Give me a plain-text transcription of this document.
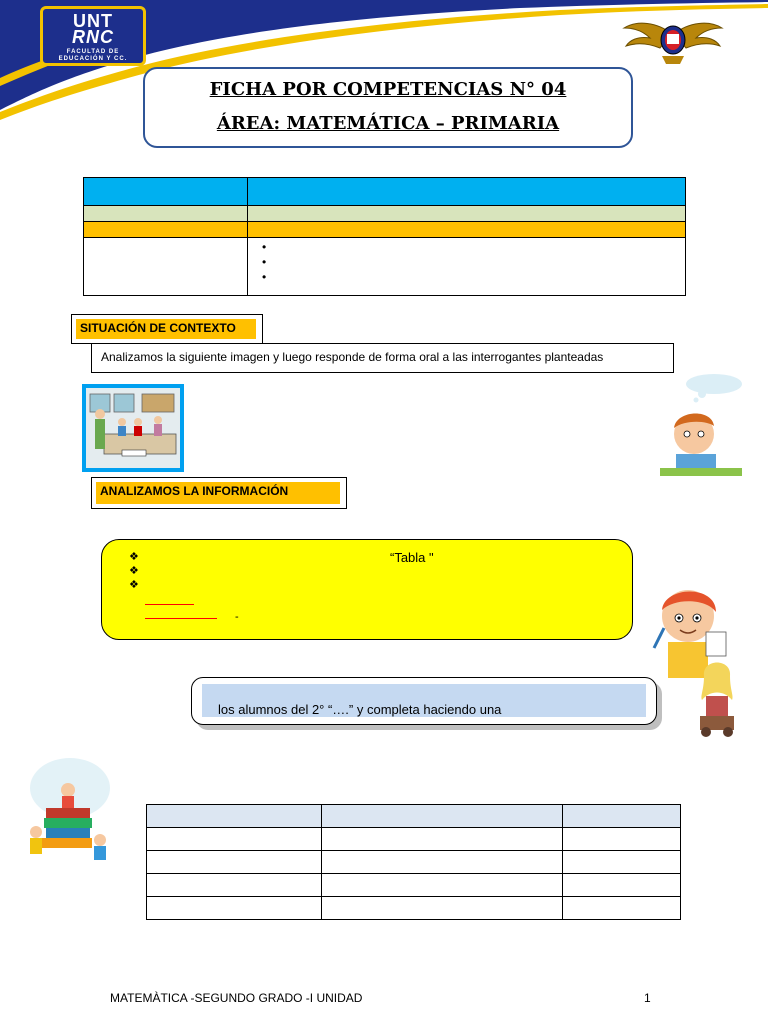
UNT
RNC
FACULTAD DE EDUCACIÓN Y CC.
FICHA POR COMPETENCIAS N° 04
ÁREA: MATEMÁTICA – PRIMARIA

•
•
•
SITUACIÓN DE CONTEXTO
Analizamos la siguiente imagen y luego responde de forma oral a las interrogantes planteadas
ANALIZAMOS LA INFORMACIÓN
❖
❖
❖
“Tabla "
-
los alumnos del 2° “….” y completa haciendo una

MATEMÀTICA -SEGUNDO GRADO -I UNIDAD	1
